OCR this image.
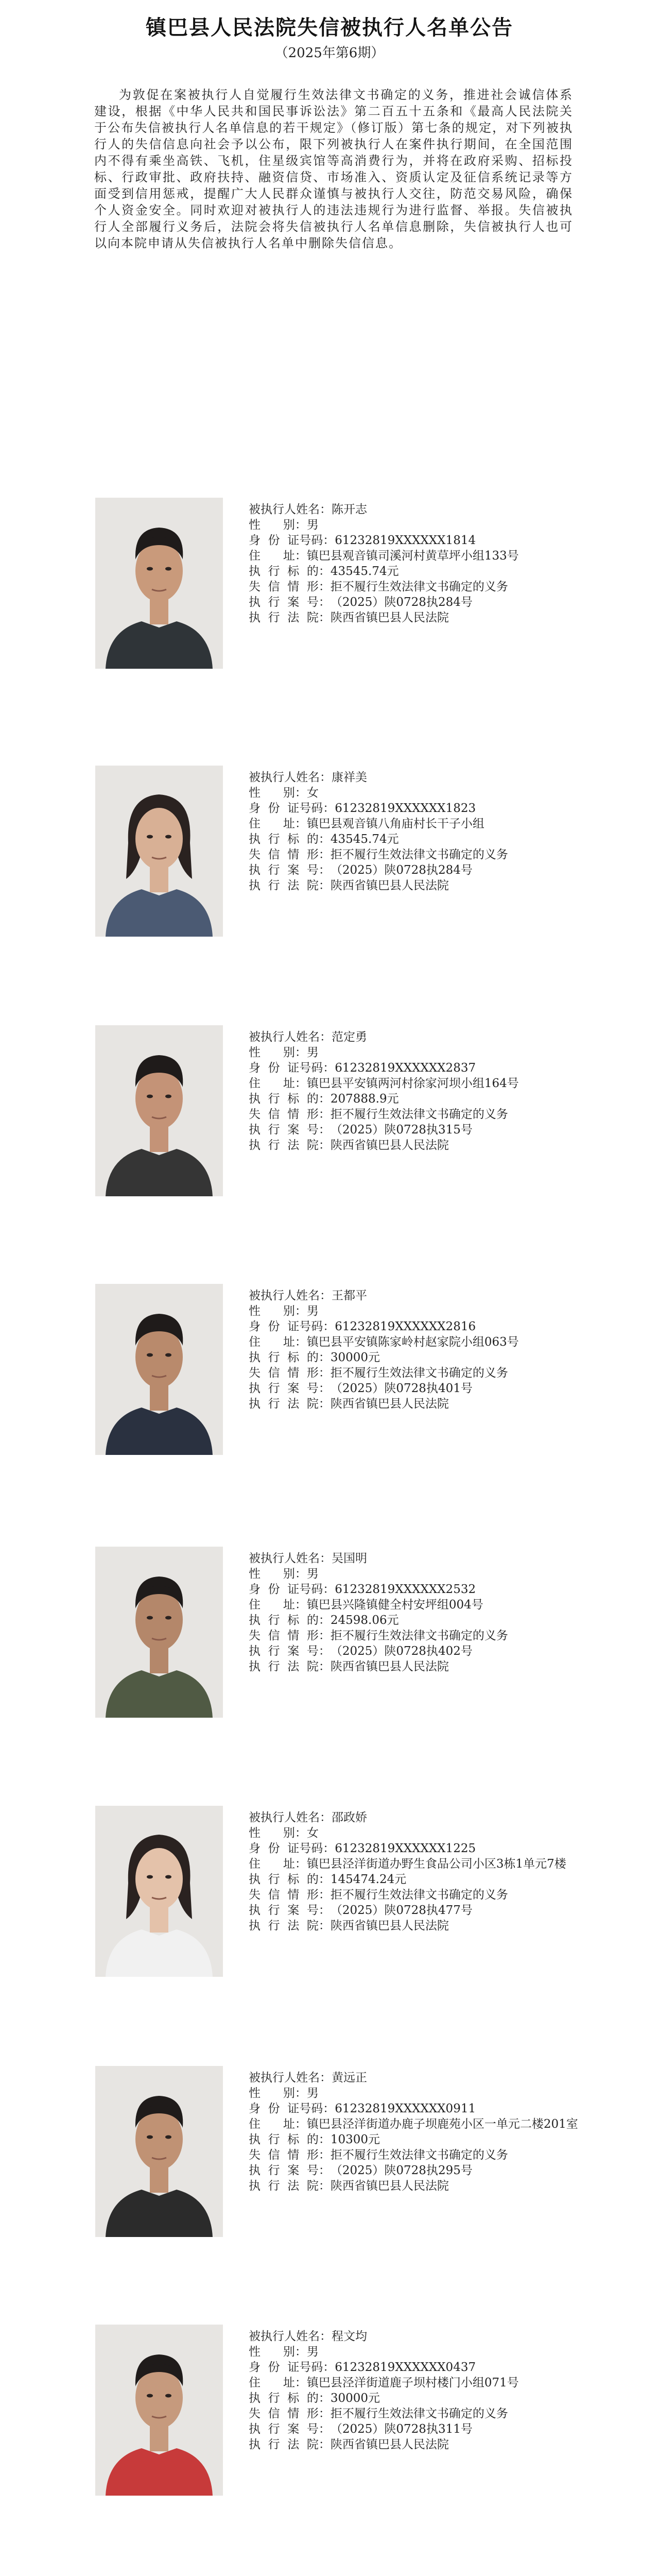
镇巴县人民法院失信被执行人名单公告
（2025年第6期）

为敦促在案被执行人自觉履行生效法律文书确定的义务，推进社会诚信体系建设，根据《中华人民共和国民事诉讼法》第二百五十五条和《最高人民法院关于公布失信被执行人名单信息的若干规定》（修订版）第七条的规定，对下列被执行人的失信信息向社会予以公布，限下列被执行人在案件执行期间，在全国范围内不得有乘坐高铁、飞机，住星级宾馆等高消费行为，并将在政府采购、招标投标、行政审批、政府扶持、融资信贷、市场准入、资质认定及征信系统记录等方面受到信用惩戒，提醒广大人民群众谨慎与被执行人交往，防范交易风险，确保个人资金安全。同时欢迎对被执行人的违法违规行为进行监督、举报。失信被执行人全部履行义务后，法院会将失信被执行人名单信息删除，失信被执行人也可以向本院申请从失信被执行人名单中删除失信信息。

被执行人姓名： 陈开志
性      别： 男
身  份  证号码： 61232819XXXXXX1814
住      址： 镇巴县观音镇司溪河村黄草坪小组133号
执  行  标  的： 43545.74元
失  信  情  形： 拒不履行生效法律文书确定的义务
执  行  案  号： （2025）陕0728执284号
执  行  法  院： 陕西省镇巴县人民法院
被执行人姓名： 康祥美
性      别： 女
身  份  证号码： 61232819XXXXXX1823
住      址： 镇巴县观音镇八角庙村长干子小组
执  行  标  的： 43545.74元
失  信  情  形： 拒不履行生效法律文书确定的义务
执  行  案  号： （2025）陕0728执284号
执  行  法  院： 陕西省镇巴县人民法院
被执行人姓名： 范定勇
性      别： 男
身  份  证号码： 61232819XXXXXX2837
住      址： 镇巴县平安镇两河村徐家河坝小组164号
执  行  标  的： 207888.9元
失  信  情  形： 拒不履行生效法律文书确定的义务
执  行  案  号： （2025）陕0728执315号
执  行  法  院： 陕西省镇巴县人民法院
被执行人姓名： 王都平
性      别： 男
身  份  证号码： 61232819XXXXXX2816
住      址： 镇巴县平安镇陈家岭村赵家院小组063号
执  行  标  的： 30000元
失  信  情  形： 拒不履行生效法律文书确定的义务
执  行  案  号： （2025）陕0728执401号
执  行  法  院： 陕西省镇巴县人民法院
被执行人姓名： 吴国明
性      别： 男
身  份  证号码： 61232819XXXXXX2532
住      址： 镇巴县兴隆镇健全村安坪组004号
执  行  标  的： 24598.06元
失  信  情  形： 拒不履行生效法律文书确定的义务
执  行  案  号： （2025）陕0728执402号
执  行  法  院： 陕西省镇巴县人民法院
被执行人姓名： 邵政娇
性      别： 女
身  份  证号码： 61232819XXXXXX1225
住      址： 镇巴县泾洋街道办野生食品公司小区3栋1单元7楼
执  行  标  的： 145474.24元
失  信  情  形： 拒不履行生效法律文书确定的义务
执  行  案  号： （2025）陕0728执477号
执  行  法  院： 陕西省镇巴县人民法院
被执行人姓名： 黄远正
性      别： 男
身  份  证号码： 61232819XXXXXX0911
住      址： 镇巴县泾洋街道办鹿子坝鹿苑小区一单元二楼201室
执  行  标  的： 10300元
失  信  情  形： 拒不履行生效法律文书确定的义务
执  行  案  号： （2025）陕0728执295号
执  行  法  院： 陕西省镇巴县人民法院
被执行人姓名： 程文均
性      别： 男
身  份  证号码： 61232819XXXXXX0437
住      址： 镇巴县泾洋街道鹿子坝村楼门小组071号
执  行  标  的： 30000元
失  信  情  形： 拒不履行生效法律文书确定的义务
执  行  案  号： （2025）陕0728执311号
执  行  法  院： 陕西省镇巴县人民法院
